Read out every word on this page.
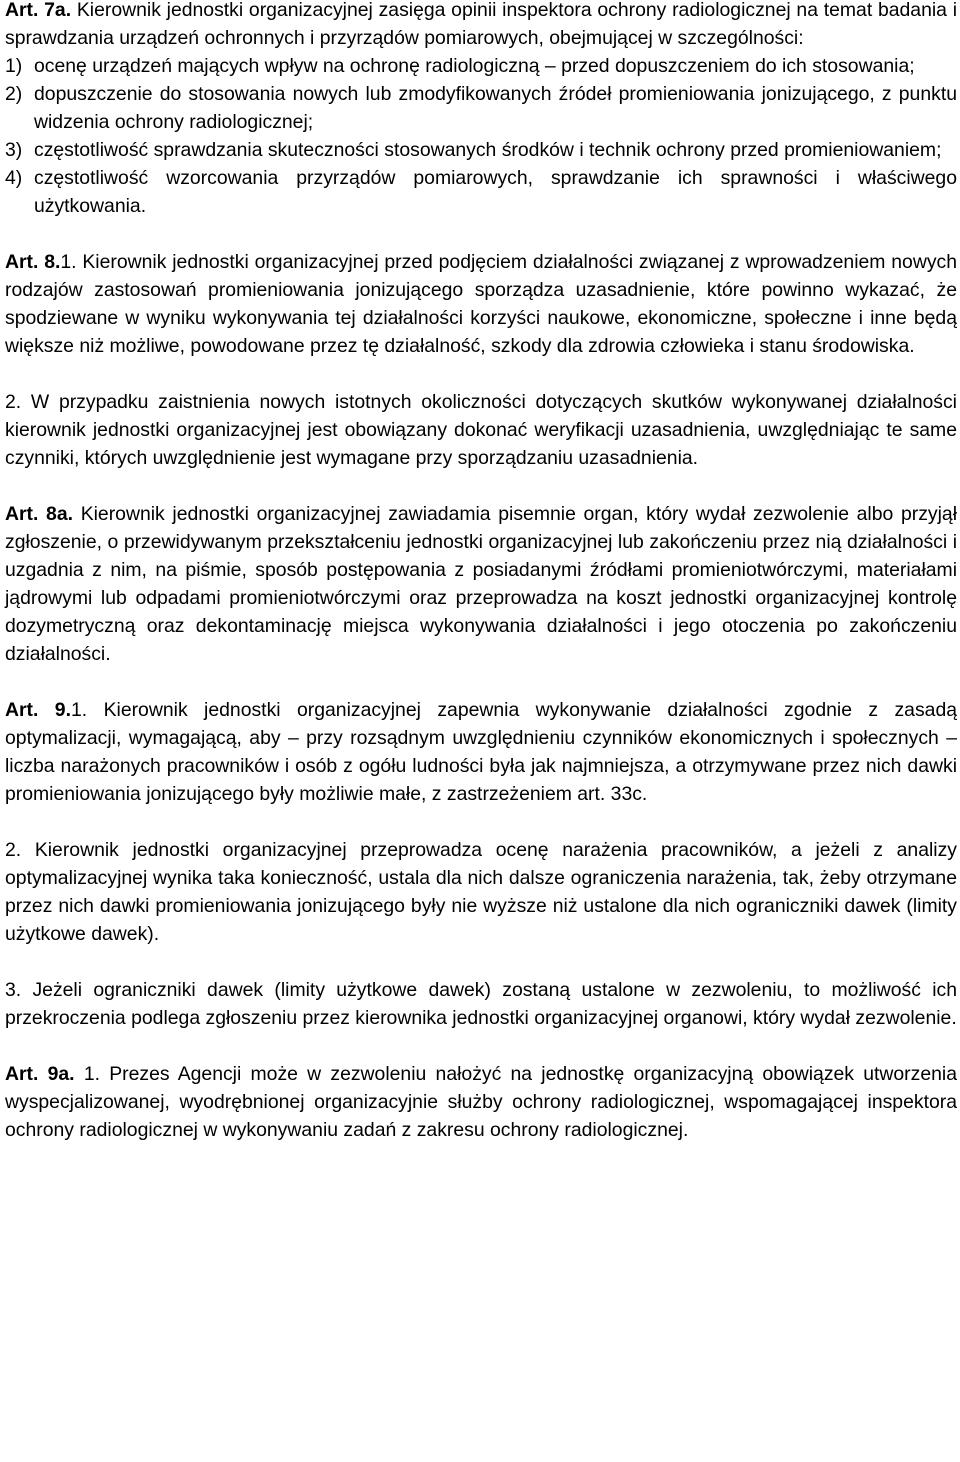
Art. 7a. Kierownik jednostki organizacyjnej zasięga opinii inspektora ochrony radiologicznej na temat badania i sprawdzania urządzeń ochronnych i przyrządów pomiarowych, obejmującej w szczególności:

1) ocenę urządzeń mających wpływ na ochronę radiologiczną – przed dopuszczeniem do ich stosowania;
2) dopuszczenie do stosowania nowych lub zmodyfikowanych źródeł promieniowania jonizującego, z punktu widzenia ochrony radiologicznej;
3) częstotliwość sprawdzania skuteczności stosowanych środków i technik ochrony przed promieniowaniem;
4) częstotliwość wzorcowania przyrządów pomiarowych, sprawdzanie ich sprawności i właściwego użytkowania.

Art. 8.1. Kierownik jednostki organizacyjnej przed podjęciem działalności związanej z wprowadzeniem nowych rodzajów zastosowań promieniowania jonizującego sporządza uzasadnienie, które powinno wykazać, że spodziewane w wyniku wykonywania tej działalności korzyści naukowe, ekonomiczne, społeczne i inne będą większe niż możliwe, powodowane przez tę działalność, szkody dla zdrowia człowieka i stanu środowiska.

2. W przypadku zaistnienia nowych istotnych okoliczności dotyczących skutków wykonywanej działalności kierownik jednostki organizacyjnej jest obowiązany dokonać weryfikacji uzasadnienia, uwzględniając te same czynniki, których uwzględnienie jest wymagane przy sporządzaniu uzasadnienia.

Art. 8a. Kierownik jednostki organizacyjnej zawiadamia pisemnie organ, który wydał zezwolenie albo przyjął zgłoszenie, o przewidywanym przekształceniu jednostki organizacyjnej lub zakończeniu przez nią działalności i uzgadnia z nim, na piśmie, sposób postępowania z posiadanymi źródłami promieniotwórczymi, materiałami jądrowymi lub odpadami promieniotwórczymi oraz przeprowadza na koszt jednostki organizacyjnej kontrolę dozymetryczną oraz dekontaminację miejsca wykonywania działalności i jego otoczenia po zakończeniu działalności.

Art. 9.1. Kierownik jednostki organizacyjnej zapewnia wykonywanie działalności zgodnie z zasadą optymalizacji, wymagającą, aby – przy rozsądnym uwzględnieniu czynników ekonomicznych i społecznych – liczba narażonych pracowników i osób z ogółu ludności była jak najmniejsza, a otrzymywane przez nich dawki promieniowania jonizującego były możliwie małe, z zastrzeżeniem art. 33c.

2. Kierownik jednostki organizacyjnej przeprowadza ocenę narażenia pracowników, a jeżeli z analizy optymalizacyjnej wynika taka konieczność, ustala dla nich dalsze ograniczenia narażenia, tak, żeby otrzymane przez nich dawki promieniowania jonizującego były nie wyższe niż ustalone dla nich ograniczniki dawek (limity użytkowe dawek).

3. Jeżeli ograniczniki dawek (limity użytkowe dawek) zostaną ustalone w zezwoleniu, to możliwość ich przekroczenia podlega zgłoszeniu przez kierownika jednostki organizacyjnej organowi, który wydał zezwolenie.

Art. 9a. 1. Prezes Agencji może w zezwoleniu nałożyć na jednostkę organizacyjną obowiązek utworzenia wyspecjalizowanej, wyodrębnionej organizacyjnie służby ochrony radiologicznej, wspomagającej inspektora ochrony radiologicznej w wykonywaniu zadań z zakresu ochrony radiologicznej.
